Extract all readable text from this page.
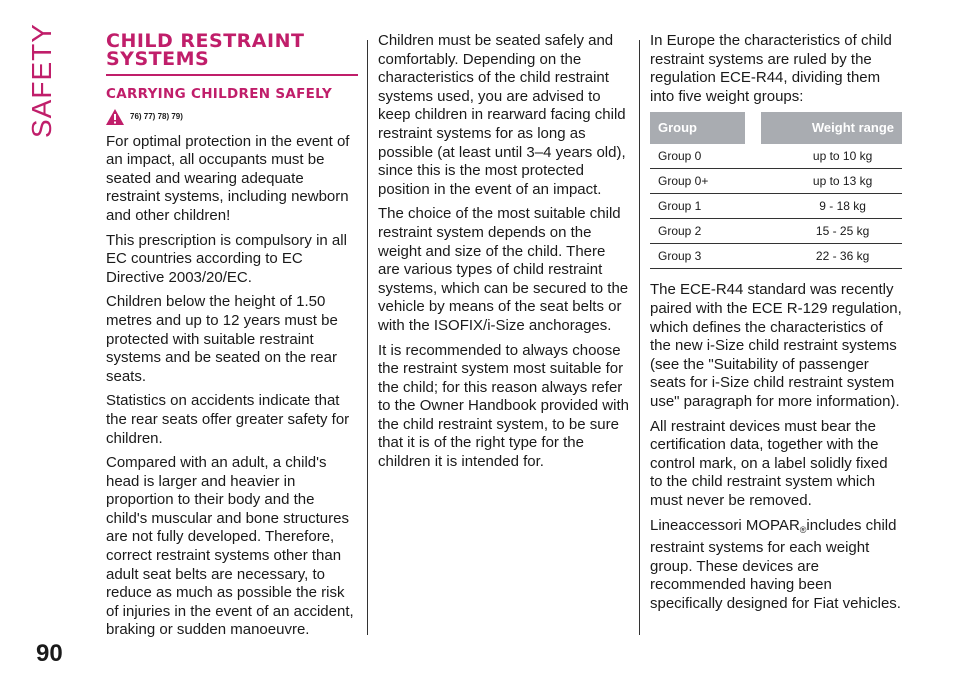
SAFETY	CHILD RESTRAINT SYSTEMS
CARRYING CHILDREN SAFELY
76) 77) 78) 79)

For optimal protection in the event of an impact, all occupants must be seated and wearing adequate restraint systems, including newborn and other children!

This prescription is compulsory in all EC countries according to EC Directive 2003/20/EC.

Children below the height of 1.50 metres and up to 12 years must be protected with suitable restraint systems and be seated on the rear seats.

Statistics on accidents indicate that the rear seats offer greater safety for children.

Compared with an adult, a child's head is larger and heavier in proportion to their body and the child's muscular and bone structures are not fully developed. Therefore, correct restraint systems other than adult seat belts are necessary, to reduce as much as possible the risk of injuries in the event of an accident, braking or sudden manoeuvre.

Children must be seated safely and comfortably. Depending on the characteristics of the child restraint systems used, you are advised to keep children in rearward facing child restraint systems for as long as possible (at least until 3–4 years old), since this is the most protected position in the event of an impact.

The choice of the most suitable child restraint system depends on the weight and size of the child. There are various types of child restraint systems, which can be secured to the vehicle by means of the seat belts or with the ISOFIX/i-Size anchorages.

It is recommended to always choose the restraint system most suitable for the child; for this reason always refer to the Owner Handbook provided with the child restraint system, to be sure that it is of the right type for the children it is intended for.

In Europe the characteristics of child restraint systems are ruled by the regulation ECE-R44, dividing them into five weight groups:

Group		Weight range
Group 0		up to 10 kg
Group 0+		up to 13 kg
Group 1		9 - 18 kg
Group 2		15 - 25 kg
Group 3		22 - 36 kg

The ECE-R44 standard was recently paired with the ECE R-129 regulation, which defines the characteristics of the new i-Size child restraint systems (see the "Suitability of passenger seats for i-Size child restraint system use" paragraph for more information).

All restraint devices must bear the certification data, together with the control mark, on a label solidly fixed to the child restraint system which must never be removed.

Lineaccessori $MOPAR_®includes$ child restraint systems for each weight group. These devices are recommended having been specifically designed for Fiat vehicles.

90
